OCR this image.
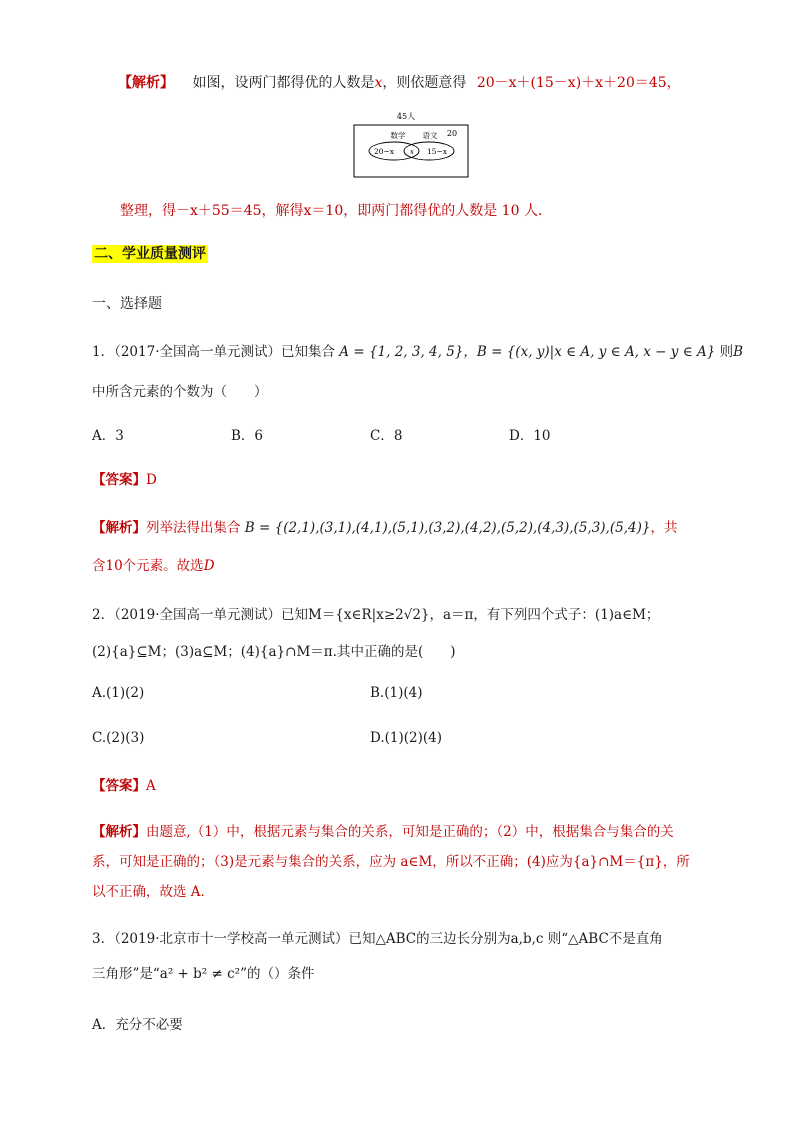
【解析】 如图，设两门都得优的人数是x，则依题意得 20－x＋(15－x)＋x＋20＝45，
45人
数学 语文 20
20−x x 15−x
整理，得－x＋55＝45，解得x＝10，即两门都得优的人数是 10 人．
二、学业质量测评
一、选择题
1．（2017·全国高一单元测试）已知集合 A = {1, 2, 3, 4, 5}，B = {(x, y)|x ∈ A, y ∈ A, x − y ∈ A} 则B
中所含元素的个数为（　　）
A．3	B．6	C．8	D．10
【答案】D
【解析】列举法得出集合 B = {(2,1),(3,1),(4,1),(5,1),(3,2),(4,2),(5,2),(4,3),(5,3),(5,4)}，共
含10个元素。故选D
2．（2019·全国高一单元测试）已知M＝{x∈R|x≥2√2}，a＝π，有下列四个式子：(1)a∈M；
(2){a}⊆M；(3)a⊆M；(4){a}∩M＝π.其中正确的是(　　)
A.(1)(2)	B.(1)(4)
C.(2)(3)	D.(1)(2)(4)
【答案】A
【解析】由题意,（1）中，根据元素与集合的关系，可知是正确的；（2）中，根据集合与集合的关
系，可知是正确的；（3)是元素与集合的关系，应为 a∈M，所以不正确；(4)应为{a}∩M＝{π}，所
以不正确，故选 A．
3．（2019·北京市十一学校高一单元测试）已知△ABC的三边长分别为a,b,c 则“△ABC不是直角
三角形”是“a² + b² ≠ c²”的（）条件
A．充分不必要
